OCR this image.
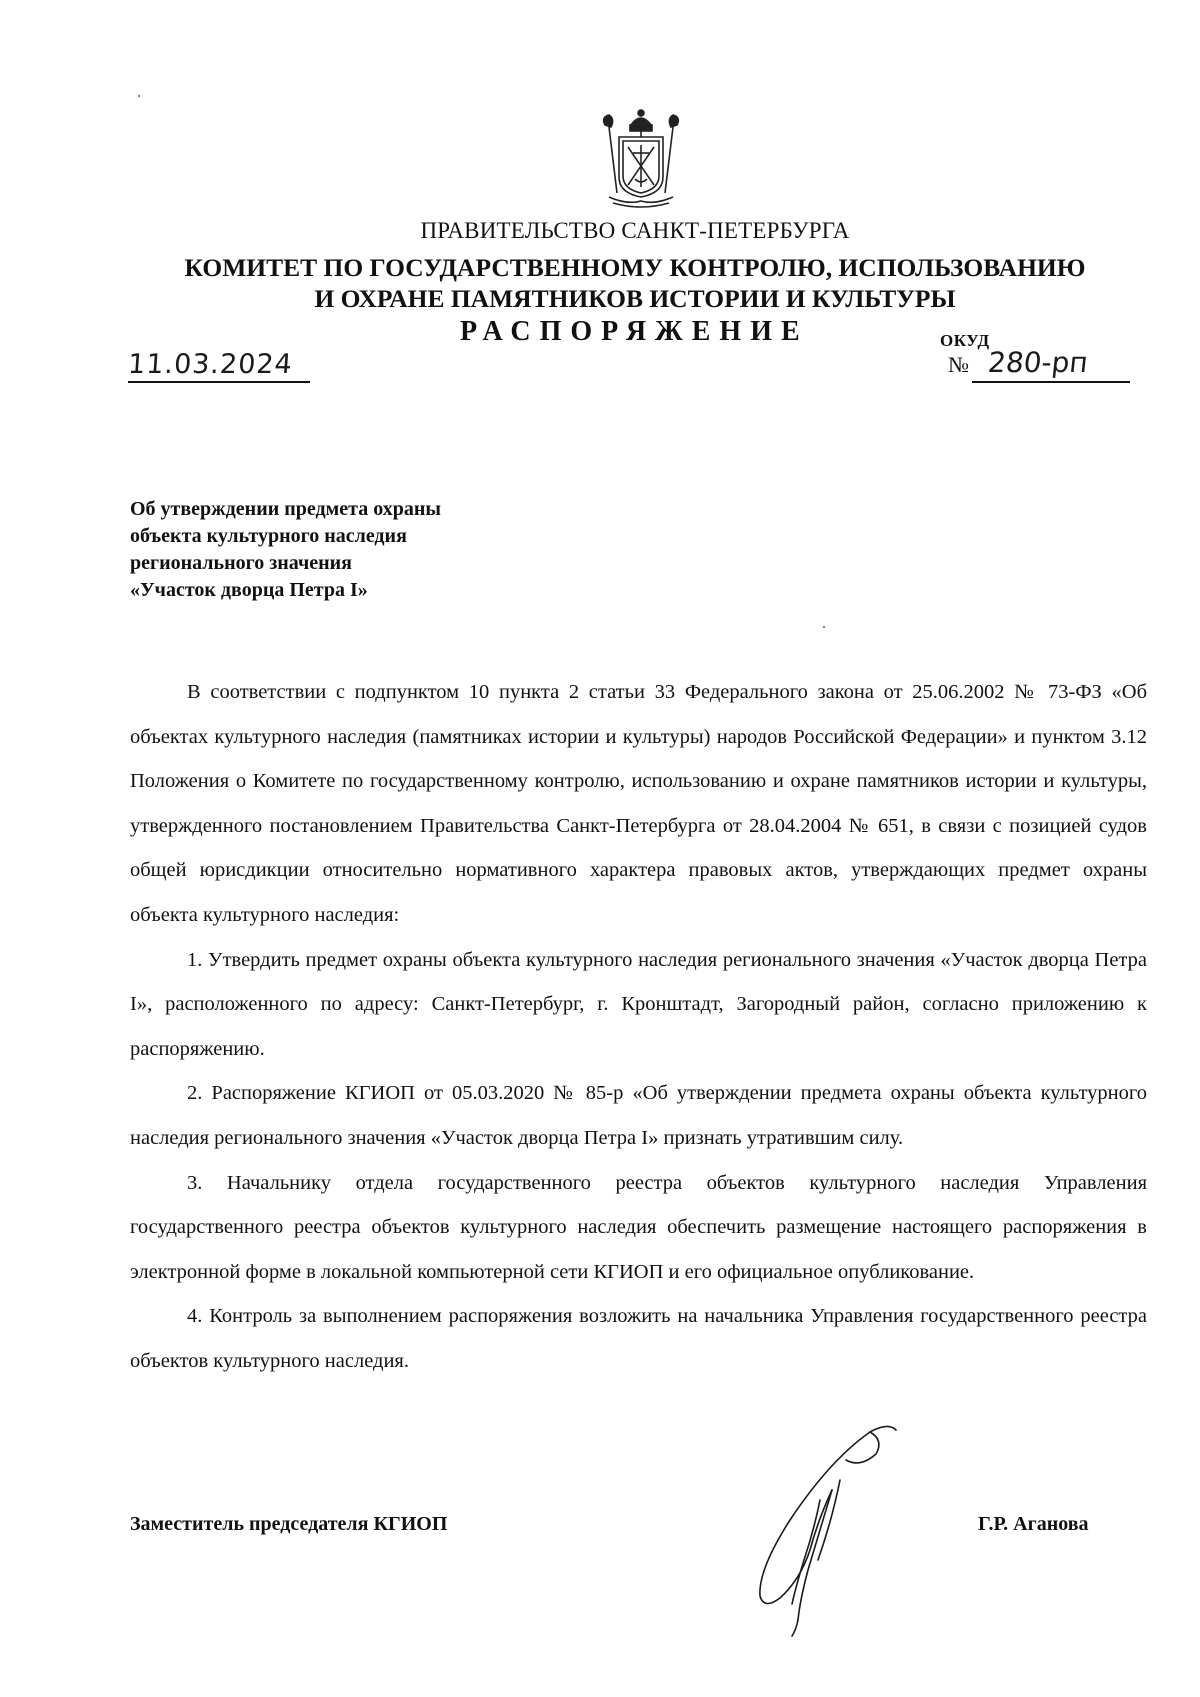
ПРАВИТЕЛЬСТВО САНКТ-ПЕТЕРБУРГА
КОМИТЕТ ПО ГОСУДАРСТВЕННОМУ КОНТРОЛЮ, ИСПОЛЬЗОВАНИЮ
И ОХРАНЕ ПАМЯТНИКОВ ИСТОРИИ И КУЛЬТУРЫ
РАСПОРЯЖЕНИЕ	ОКУД
11.03.2024	№ 280-рп
Об утверждении предмета охраны
объекта культурного наследия
регионального значения
«Участок дворца Петра I»

В соответствии с подпунктом 10 пункта 2 статьи 33 Федерального закона от 25.06.2002 № 73-ФЗ «Об объектах культурного наследия (памятниках истории и культуры) народов Российской Федерации» и пунктом 3.12 Положения о Комитете по государственному контролю, использованию и охране памятников истории и культуры, утвержденного постановлением Правительства Санкт-Петербурга от 28.04.2004 № 651, в связи с позицией судов общей юрисдикции относительно нормативного характера правовых актов, утверждающих предмет охраны объекта культурного наследия:

1. Утвердить предмет охраны объекта культурного наследия регионального значения «Участок дворца Петра I», расположенного по адресу: Санкт-Петербург, г. Кронштадт, Загородный район, согласно приложению к распоряжению.

2. Распоряжение КГИОП от 05.03.2020 № 85-р «Об утверждении предмета охраны объекта культурного наследия регионального значения «Участок дворца Петра I» признать утратившим силу.

3. Начальнику отдела государственного реестра объектов культурного наследия Управления государственного реестра объектов культурного наследия обеспечить размещение настоящего распоряжения в электронной форме в локальной компьютерной сети КГИОП и его официальное опубликование.

4. Контроль за выполнением распоряжения возложить на начальника Управления государственного реестра объектов культурного наследия.

Заместитель председателя КГИОП	Г.Р. Аганова
